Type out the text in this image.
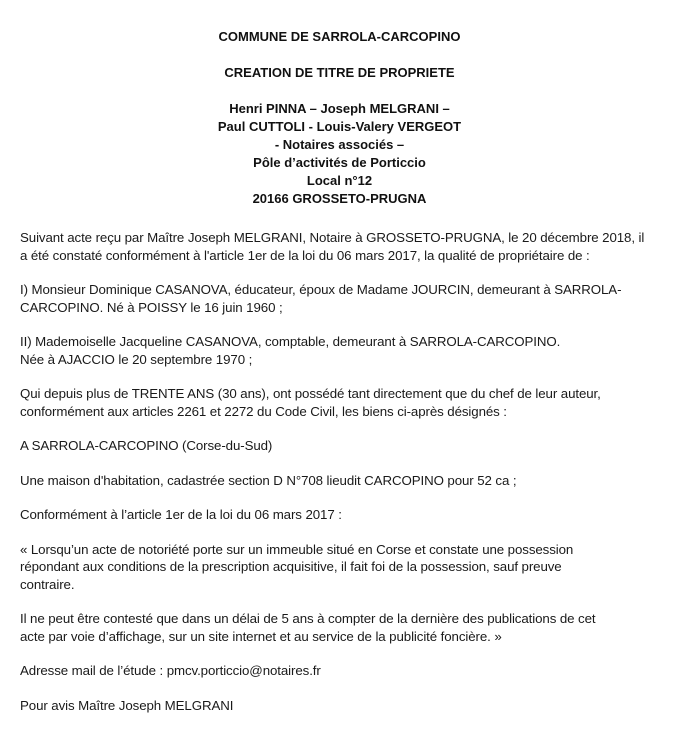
COMMUNE DE SARROLA-CARCOPINO
CREATION DE TITRE DE PROPRIETE
Henri PINNA – Joseph MELGRANI –
Paul CUTTOLI - Louis-Valery VERGEOT
- Notaires associés –
Pôle d’activités de Porticcio
Local n°12
20166 GROSSETO-PRUGNA

Suivant acte reçu par Maître Joseph MELGRANI, Notaire à GROSSETO-PRUGNA, le 20 décembre 2018, il
a été constaté conformément à l'article 1er de la loi du 06 mars 2017, la qualité de propriétaire de :

I) Monsieur Dominique CASANOVA, éducateur, époux de Madame JOURCIN, demeurant à SARROLA-
CARCOPINO. Né à POISSY le 16 juin 1960 ;

II) Mademoiselle Jacqueline CASANOVA, comptable, demeurant à SARROLA-CARCOPINO.
Née à AJACCIO le 20 septembre 1970 ;

Qui depuis plus de TRENTE ANS (30 ans), ont possédé tant directement que du chef de leur auteur,
conformément aux articles 2261 et 2272 du Code Civil, les biens ci-après désignés :

A SARROLA-CARCOPINO (Corse-du-Sud)

Une maison d'habitation, cadastrée section D N°708 lieudit CARCOPINO pour 52 ca ;

Conformément à l’article 1er de la loi du 06 mars 2017 :

« Lorsqu’un acte de notoriété porte sur un immeuble situé en Corse et constate une possession
répondant aux conditions de la prescription acquisitive, il fait foi de la possession, sauf preuve
contraire.

Il ne peut être contesté que dans un délai de 5 ans à compter de la dernière des publications de cet
acte par voie d’affichage, sur un site internet et au service de la publicité foncière. »

Adresse mail de l’étude : pmcv.porticcio@notaires.fr

Pour avis Maître Joseph MELGRANI
